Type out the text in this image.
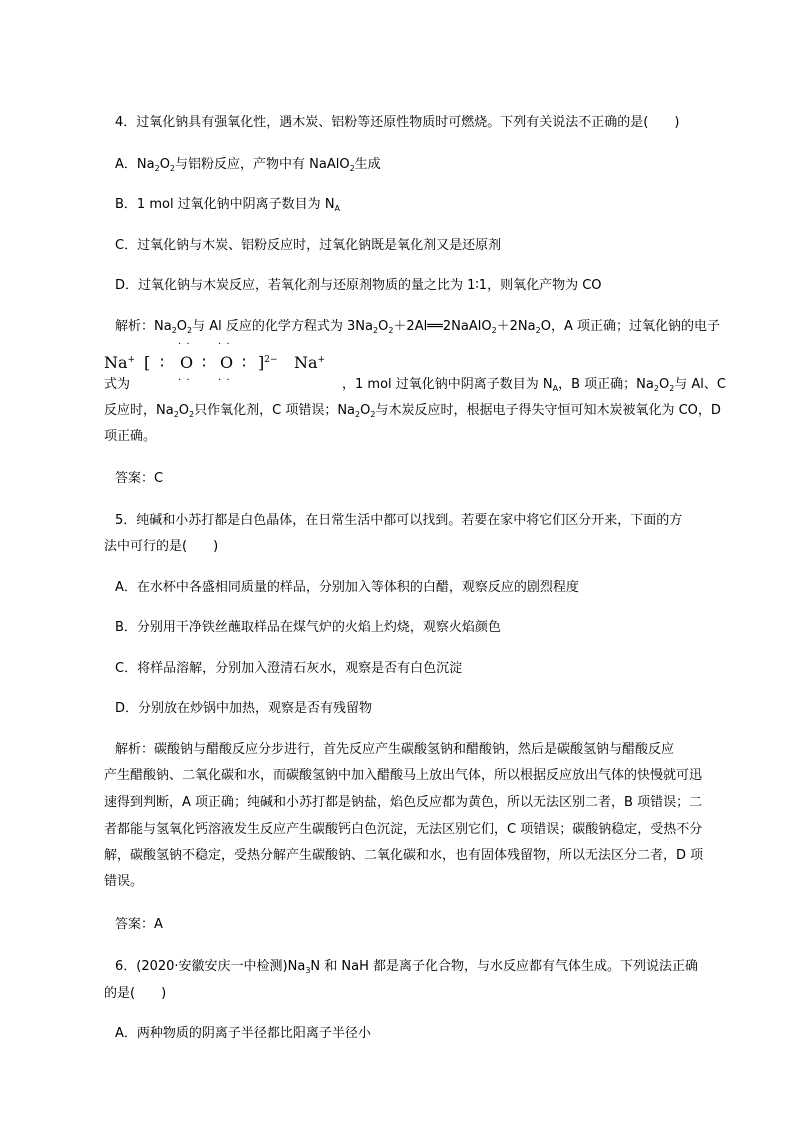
4．过氧化钠具有强氧化性，遇木炭、铝粉等还原性物质时可燃烧。下列有关说法不正确的是(　　)
A．$Na_2O_2$与铝粉反应，产物中有 NaAlO$_2$生成
B．1 mol 过氧化钠中阴离子数目为 $N_A$
C．过氧化钠与木炭、铝粉反应时，过氧化钠既是氧化剂又是还原剂
D．过氧化钠与木炭反应，若氧化剂与还原剂物质的量之比为 1∶1，则氧化产物为 CO
解析：$Na_2O_2$与 Al 反应的化学方程式为 $3Na_2O_2+2Al══2NaAlO_2+2Na_2O$，A 项正确；过氧化钠的电子
· ·	· ·
Na+ [ ∶ O ∶ O ∶ ]$^{2-}$ Na+
· ·	· ·
式为	，1 mol 过氧化钠中阴离子数目为 $N_A$，B 项正确；$Na_2O_2$与 Al、C
反应时，$Na_2O_2$只作氧化剂，C 项错误；$Na_2O_2$与木炭反应时，根据电子得失守恒可知木炭被氧化为 CO，D
项正确。
答案：C
5．纯碱和小苏打都是白色晶体，在日常生活中都可以找到。若要在家中将它们区分开来，下面的方
法中可行的是(　　)
A．在水杯中各盛相同质量的样品，分别加入等体积的白醋，观察反应的剧烈程度
B．分别用干净铁丝蘸取样品在煤气炉的火焰上灼烧，观察火焰颜色
C．将样品溶解，分别加入澄清石灰水，观察是否有白色沉淀
D．分别放在炒锅中加热，观察是否有残留物
解析：碳酸钠与醋酸反应分步进行，首先反应产生碳酸氢钠和醋酸钠，然后是碳酸氢钠与醋酸反应
产生醋酸钠、二氧化碳和水，而碳酸氢钠中加入醋酸马上放出气体，所以根据反应放出气体的快慢就可迅
速得到判断，A 项正确；纯碱和小苏打都是钠盐，焰色反应都为黄色，所以无法区别二者，B 项错误；二
者都能与氢氧化钙溶液发生反应产生碳酸钙白色沉淀，无法区别它们，C 项错误；碳酸钠稳定，受热不分
解，碳酸氢钠不稳定，受热分解产生碳酸钠、二氧化碳和水，也有固体残留物，所以无法区分二者，D 项
错误。
答案：A
6．(2020·安徽安庆一中检测)$Na_3N$ 和 NaH 都是离子化合物，与水反应都有气体生成。下列说法正确
的是(　　)
A．两种物质的阴离子半径都比阳离子半径小
